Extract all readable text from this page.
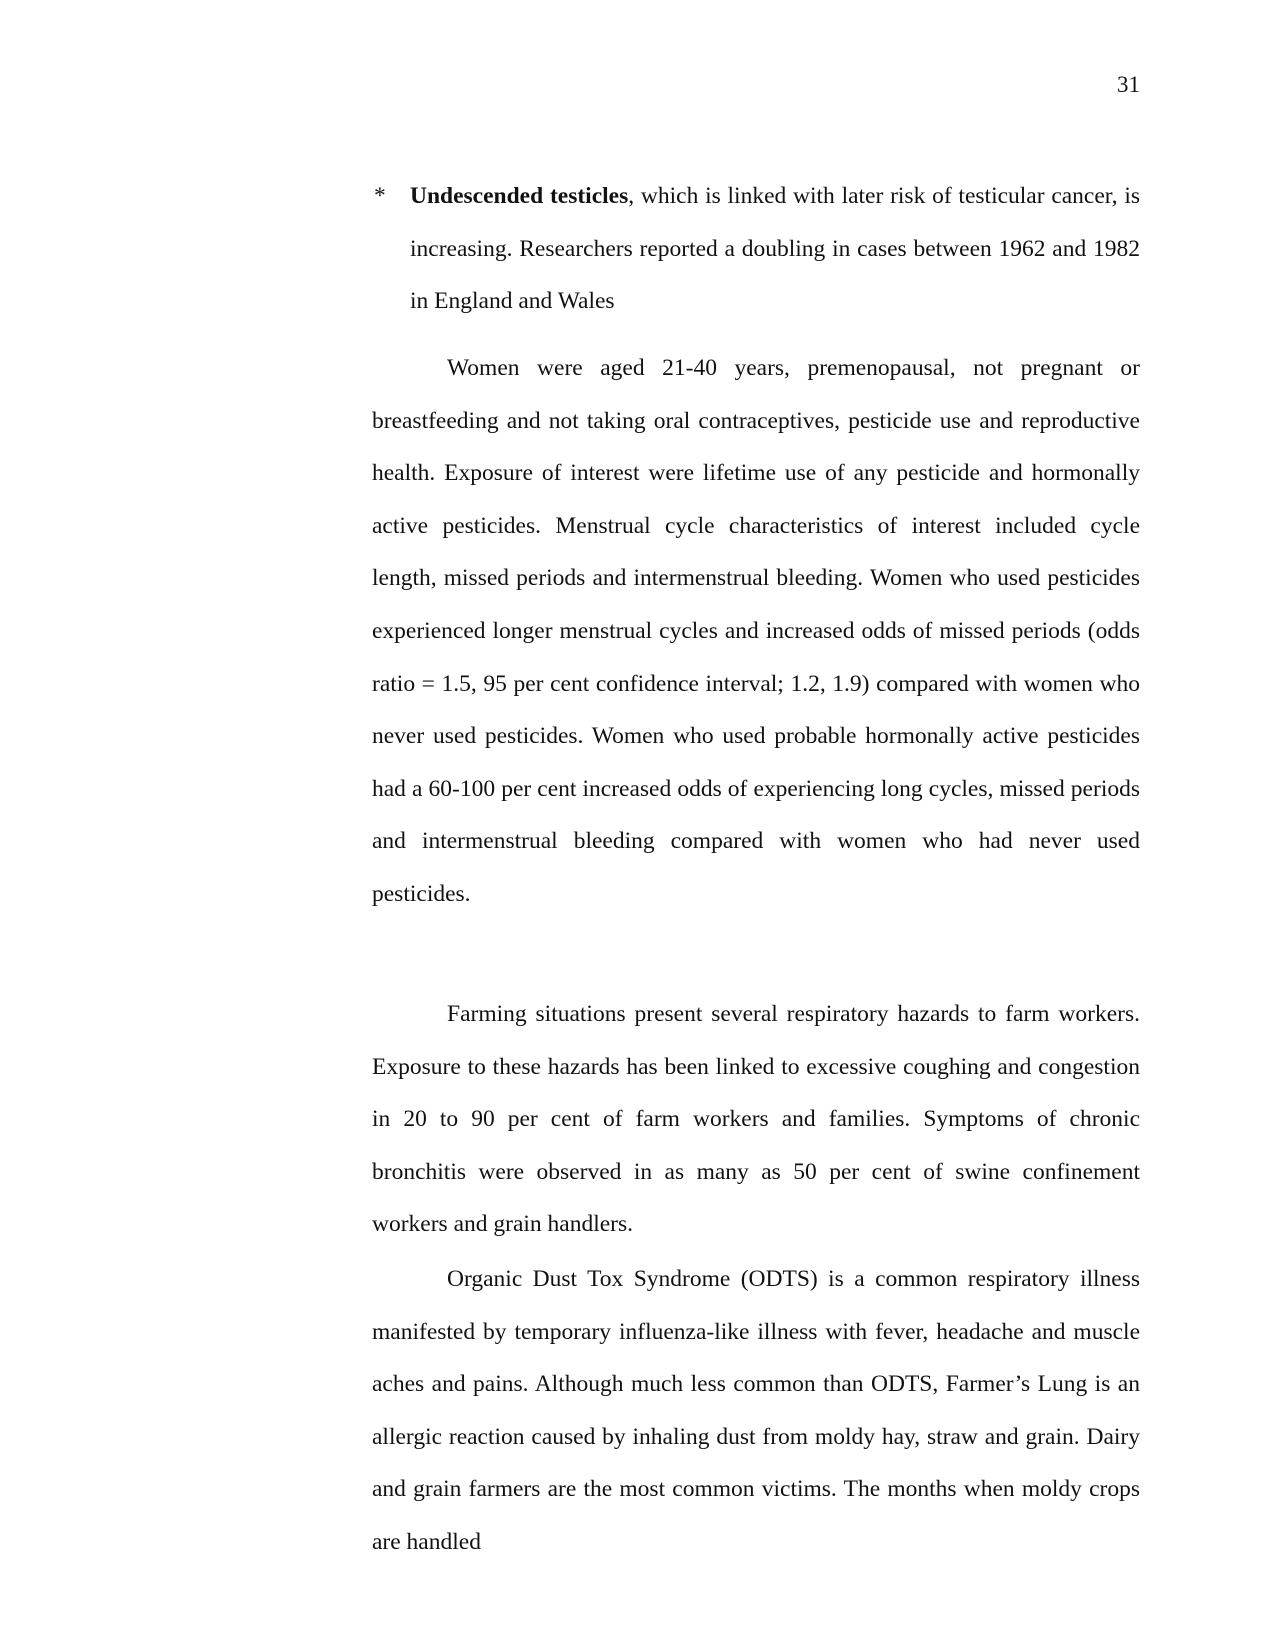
31
* Undescended testicles, which is linked with later risk of testicular cancer, is increasing. Researchers reported a doubling in cases between 1962 and 1982 in England and Wales

Women were aged 21-40 years, premenopausal, not pregnant or breastfeeding and not taking oral contraceptives, pesticide use and reproductive health. Exposure of interest were lifetime use of any pesticide and hormonally active pesticides. Menstrual cycle characteristics of interest included cycle length, missed periods and intermenstrual bleeding. Women who used pesticides experienced longer menstrual cycles and increased odds of missed periods (odds ratio = 1.5, 95 per cent confidence interval; 1.2, 1.9) compared with women who never used pesticides. Women who used probable hormonally active pesticides had a 60-100 per cent increased odds of experiencing long cycles, missed periods and intermenstrual bleeding compared with women who had never used pesticides.

Farming situations present several respiratory hazards to farm workers. Exposure to these hazards has been linked to excessive coughing and congestion in 20 to 90 per cent of farm workers and families. Symptoms of chronic bronchitis were observed in as many as 50 per cent of swine confinement workers and grain handlers.

Organic Dust Tox Syndrome (ODTS) is a common respiratory illness manifested by temporary influenza-like illness with fever, headache and muscle aches and pains. Although much less common than ODTS, Farmer’s Lung is an allergic reaction caused by inhaling dust from moldy hay, straw and grain. Dairy and grain farmers are the most common victims. The months when moldy crops are handled
